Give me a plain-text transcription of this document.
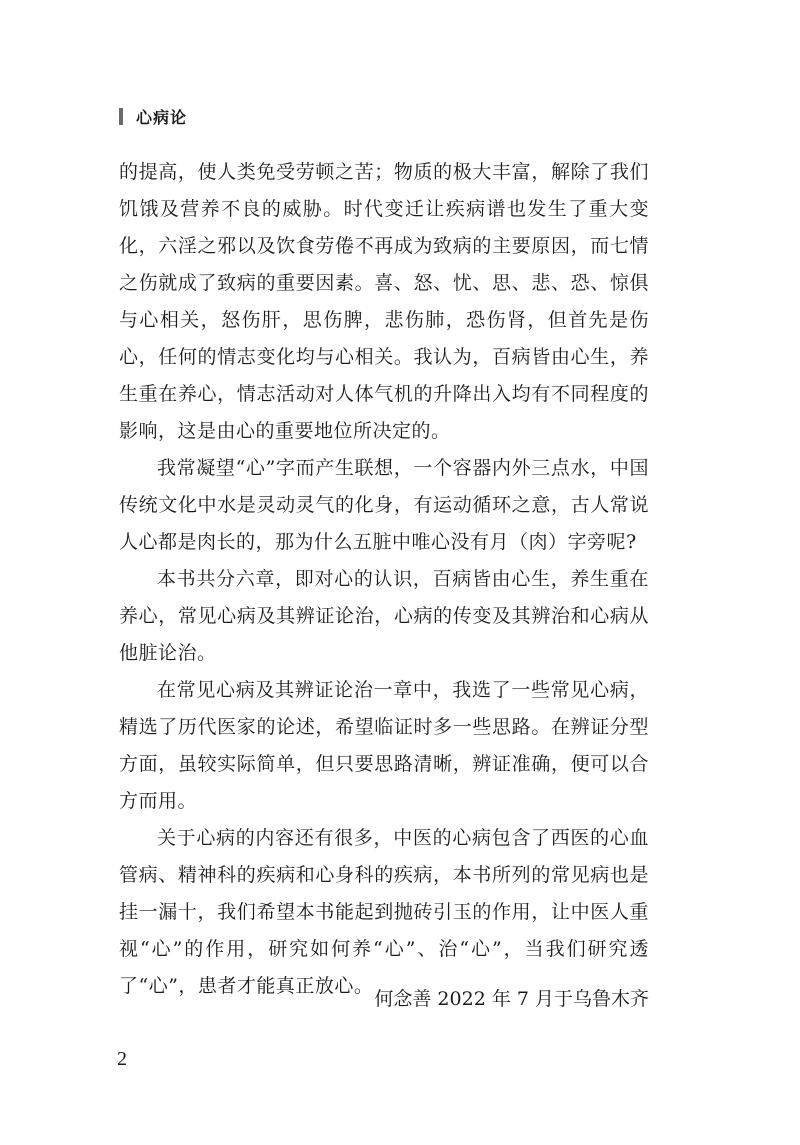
心病论

的提高，使人类免受劳顿之苦；物质的极大丰富，解除了我们饥饿及营养不良的威胁。时代变迁让疾病谱也发生了重大变化，六淫之邪以及饮食劳倦不再成为致病的主要原因，而七情之伤就成了致病的重要因素。喜、怒、忧、思、悲、恐、惊俱与心相关，怒伤肝，思伤脾，悲伤肺，恐伤肾，但首先是伤心，任何的情志变化均与心相关。我认为，百病皆由心生，养生重在养心，情志活动对人体气机的升降出入均有不同程度的影响，这是由心的重要地位所决定的。

我常凝望“心”字而产生联想，一个容器内外三点水，中国传统文化中水是灵动灵气的化身，有运动循环之意，古人常说人心都是肉长的，那为什么五脏中唯心没有月（肉）字旁呢?

本书共分六章，即对心的认识，百病皆由心生，养生重在养心，常见心病及其辨证论治，心病的传变及其辨治和心病从他脏论治。

在常见心病及其辨证论治一章中，我选了一些常见心病，精选了历代医家的论述，希望临证时多一些思路。在辨证分型方面，虽较实际简单，但只要思路清晰，辨证准确，便可以合方而用。

关于心病的内容还有很多，中医的心病包含了西医的心血管病、精神科的疾病和心身科的疾病，本书所列的常见病也是挂一漏十，我们希望本书能起到抛砖引玉的作用，让中医人重视“心”的作用，研究如何养“心”、治“心”，当我们研究透了“心”，患者才能真正放心。

何念善 2022 年 7 月于乌鲁木齐
2
